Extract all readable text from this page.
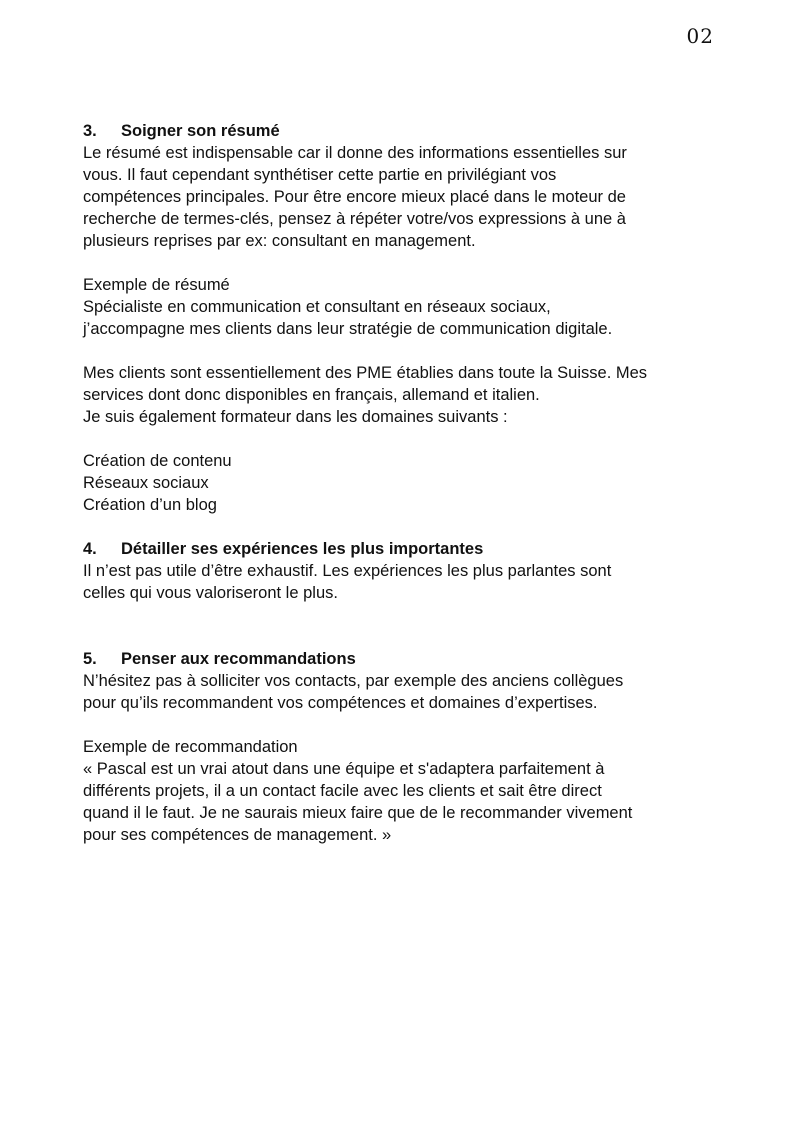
02

3. Soigner son résumé

Le résumé est indispensable car il donne des informations essentielles sur

vous. Il faut cependant synthétiser cette partie en privilégiant vos

compétences principales. Pour être encore mieux placé dans le moteur de

recherche de termes-clés, pensez à répéter votre/vos expressions à une à

plusieurs reprises par ex: consultant en management.

Exemple de résumé

Spécialiste en communication et consultant en réseaux sociaux,

j’accompagne mes clients dans leur stratégie de communication digitale.

Mes clients sont essentiellement des PME établies dans toute la Suisse. Mes

services dont donc disponibles en français, allemand et italien.

Je suis également formateur dans les domaines suivants :

Création de contenu

Réseaux sociaux

Création d’un blog

4. Détailler ses expériences les plus importantes

Il n’est pas utile d’être exhaustif. Les expériences les plus parlantes sont

celles qui vous valoriseront le plus.

5. Penser aux recommandations

N’hésitez pas à solliciter vos contacts, par exemple des anciens collègues

pour qu’ils recommandent vos compétences et domaines d’expertises.

Exemple de recommandation

« Pascal est un vrai atout dans une équipe et s'adaptera parfaitement à

différents projets, il a un contact facile avec les clients et sait être direct

quand il le faut. Je ne saurais mieux faire que de le recommander vivement

pour ses compétences de management. »
